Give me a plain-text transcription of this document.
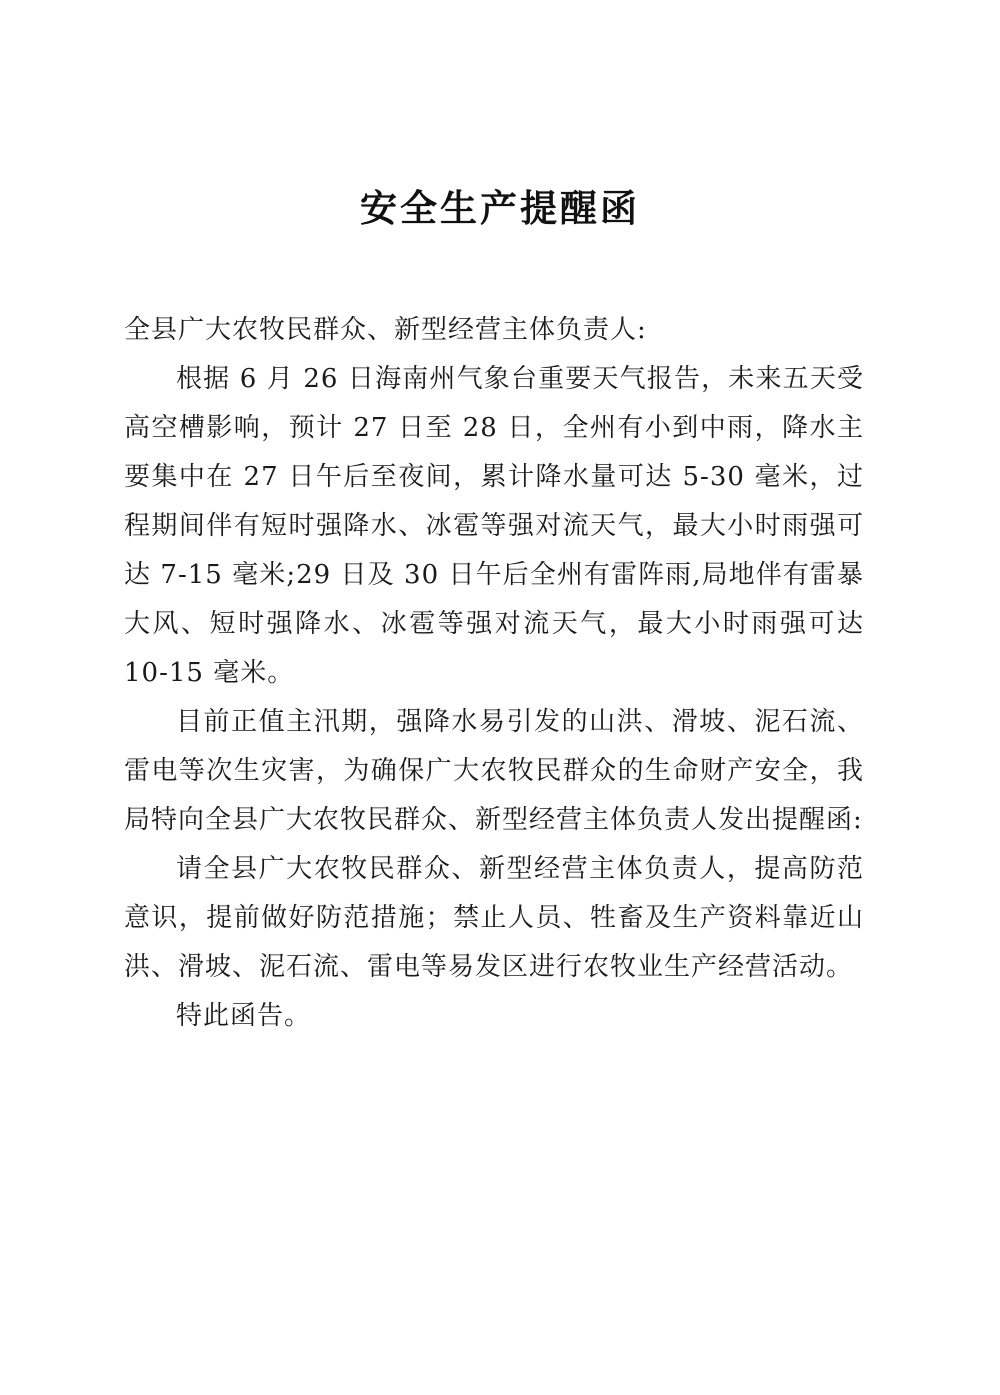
安全生产提醒函

全县广大农牧民群众、新型经营主体负责人:

根据 6 月 26 日海南州气象台重要天气报告，未来五天受高空槽影响，预计 27 日至 28 日，全州有小到中雨，降水主要集中在 27 日午后至夜间，累计降水量可达 5-30 毫米，过程期间伴有短时强降水、冰雹等强对流天气，最大小时雨强可达 7-15 毫米;29 日及 30 日午后全州有雷阵雨,局地伴有雷暴大风、短时强降水、冰雹等强对流天气，最大小时雨强可达 10-15 毫米。

目前正值主汛期，强降水易引发的山洪、滑坡、泥石流、雷电等次生灾害，为确保广大农牧民群众的生命财产安全，我局特向全县广大农牧民群众、新型经营主体负责人发出提醒函:

请全县广大农牧民群众、新型经营主体负责人，提高防范意识，提前做好防范措施；禁止人员、牲畜及生产资料靠近山洪、滑坡、泥石流、雷电等易发区进行农牧业生产经营活动。

特此函告。
